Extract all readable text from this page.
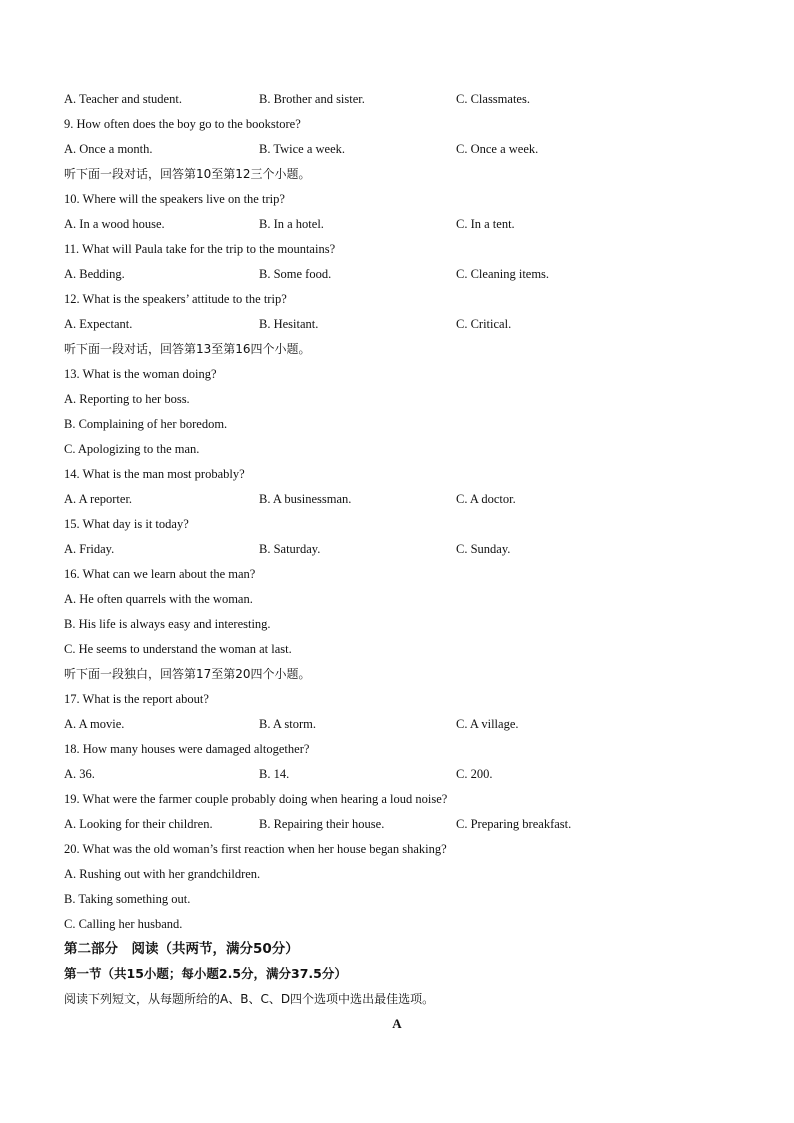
A. Teacher and student.	B. Brother and sister.	C. Classmates.
9. How often does the boy go to the bookstore?
A. Once a month.	B. Twice a week.	C. Once a week.
听下面一段对话，回答第10至第12三个小题。
10. Where will the speakers live on the trip?
A. In a wood house.	B. In a hotel.	C. In a tent.
11. What will Paula take for the trip to the mountains?
A. Bedding.	B. Some food.	C. Cleaning items.
12. What is the speakers’ attitude to the trip?
A. Expectant.	B. Hesitant.	C. Critical.
听下面一段对话，回答第13至第16四个小题。
13. What is the woman doing?
A. Reporting to her boss.
B. Complaining of her boredom.
C. Apologizing to the man.
14. What is the man most probably?
A. A reporter.	B. A businessman.	C. A doctor.
15. What day is it today?
A. Friday.	B. Saturday.	C. Sunday.
16. What can we learn about the man?
A. He often quarrels with the woman.
B. His life is always easy and interesting.
C. He seems to understand the woman at last.
听下面一段独白，回答第17至第20四个小题。
17. What is the report about?
A. A movie.	B. A storm.	C. A village.
18. How many houses were damaged altogether?
A. 36.	B. 14.	C. 200.
19. What were the farmer couple probably doing when hearing a loud noise?
A. Looking for their children.	B. Repairing their house.	C. Preparing breakfast.
20. What was the old woman’s first reaction when her house began shaking?
A. Rushing out with her grandchildren.
B. Taking something out.
C. Calling her husband.
第二部分　阅读（共两节，满分50分）
第一节（共15小题；每小题2.5分，满分37.5分）
阅读下列短文，从每题所给的A、B、C、D四个选项中选出最佳选项。
A
